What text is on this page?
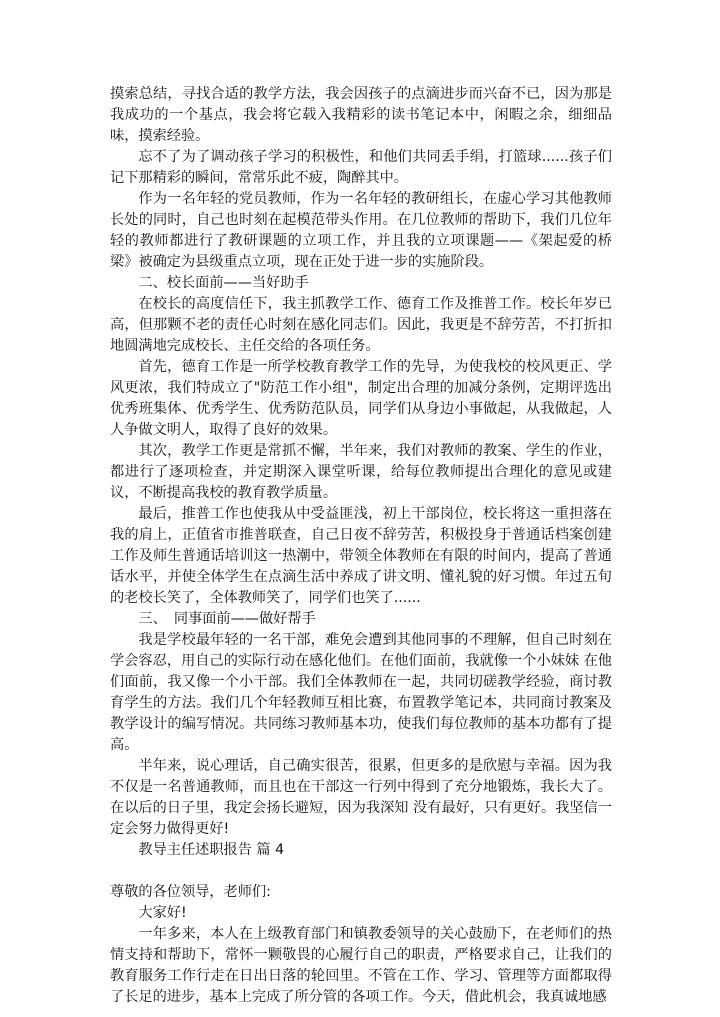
摸索总结，寻找合适的教学方法，我会因孩子的点滴进步而兴奋不已，因为那是我成功的一个基点，我会将它载入我精彩的读书笔记本中，闲暇之余，细细品味，摸索经验。

忘不了为了调动孩子学习的积极性，和他们共同丢手绢，打篮球......孩子们记下那精彩的瞬间，常常乐此不疲，陶醉其中。

作为一名年轻的党员教师，作为一名年轻的教研组长，在虚心学习其他教师长处的同时，自己也时刻在起模范带头作用。在几位教师的帮助下，我们几位年轻的教师都进行了教研课题的立项工作，并且我的立项课题——《架起爱的桥梁》被确定为县级重点立项，现在正处于进一步的实施阶段。

二、校长面前——当好助手

在校长的高度信任下，我主抓教学工作、德育工作及推普工作。校长年岁已高，但那颗不老的责任心时刻在感化同志们。因此，我更是不辞劳苦，不打折扣地圆满地完成校长、主任交给的各项任务。

首先，德育工作是一所学校教育教学工作的先导，为使我校的校风更正、学风更浓，我们特成立了"防范工作小组"，制定出合理的加减分条例，定期评选出优秀班集体、优秀学生、优秀防范队员，同学们从身边小事做起，从我做起，人人争做文明人，取得了良好的效果。

其次，教学工作更是常抓不懈，半年来，我们对教师的教案、学生的作业，都进行了逐项检查，并定期深入课堂听课，给每位教师提出合理化的意见或建议，不断提高我校的教育教学质量。

最后，推普工作也使我从中受益匪浅，初上干部岗位，校长将这一重担落在我的肩上，正值省市推普联查，自己日夜不辞劳苦，积极投身于普通话档案创建工作及师生普通话培训这一热潮中，带领全体教师在有限的时间内，提高了普通话水平，并使全体学生在点滴生活中养成了讲文明、懂礼貌的好习惯。年过五旬的老校长笑了，全体教师笑了，同学们也笑了......

三、　同事面前——做好帮手

我是学校最年轻的一名干部，难免会遭到其他同事的不理解，但自己时刻在学会容忍，用自己的实际行动在感化他们。在他们面前，我就像一个小妹妹 在他们面前，我又像一个小干部。我们全体教师在一起，共同切磋教学经验，商讨教育学生的方法。我们几个年轻教师互相比赛，布置教学笔记本，共同商讨教案及教学设计的编写情况。共同练习教师基本功，使我们每位教师的基本功都有了提高。

半年来，说心理话，自己确实很苦，很累，但更多的是欣慰与幸福。因为我不仅是一名普通教师，而且也在干部这一行列中得到了充分地锻炼，我长大了。在以后的日子里，我定会扬长避短，因为我深知 没有最好，只有更好。我坚信一定会努力做得更好!

教导主任述职报告 篇 4

尊敬的各位领导，老师们:

大家好!

一年多来，本人在上级教育部门和镇教委领导的关心鼓励下，在老师们的热情支持和帮助下，常怀一颗敬畏的心履行自己的职责，严格要求自己，让我们的教育服务工作行走在日出日落的轮回里。不管在工作、学习、管理等方面都取得了长足的进步，基本上完成了所分管的各项工作。今天，借此机会，我真诚地感
